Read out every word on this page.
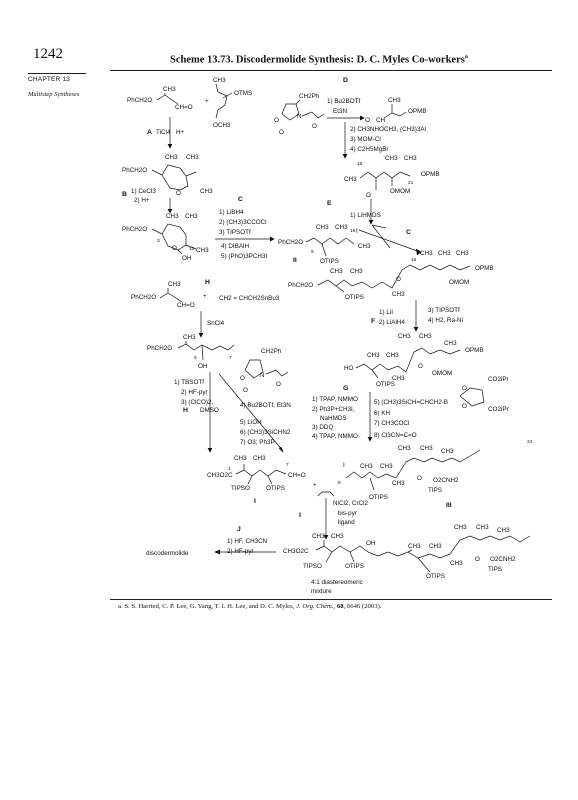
1242	Scheme 13.73. Discodermolide Synthesis: D. C. Myles Co-workers$^a$
CHAPTER 13
Multistep Syntheses
PhCH2O
CH3
CH=O
+
CH3
OTMS
OCH3
A TiCl4 H+
PhCH2O
CH3 CH3
CH3
O
B 1) CeCl3
2) H+
CH3 CH3
PhCH2O
3
12 CH3
OH
O
C
1) LiBH4
2) (CH3)3CCOCl
3) TIPSOTf
4) DIBAlH
5) (PhO)3PCH3I
D
CH2Ph
O
O
N
O
1) Bu2BOTf
Et3N
CH3
OPMB
O CH
2) CH3NHOCH3, (CH3)3Al
3) MOM-Cl
4) C2H5MgBr
CH3 CH3
16
CH3
OPMB
21
O
OMOM
E
1) LiHMDS
C
CH3 CH3
15 I
PhCH2O
CH3
9
OTIPS
II
CH3 CH3 CH3
16
OPMB
CH3 CH3
PhCH2O
O	OMOM
CH3
OTIPS
1) LiI
F 2) LiAlH4
3) TIPSOTf
4) H2, Ra-Ni
CH3 CH3
CH3
OPMB
CH3 CH3
HO	O
OMOM
CH3
OTIPS
G
1) TPAP, NMMO
2) Ph3P+CH3I,
NaHMDS
3) DDQ
4) TPAP, NMMO
5) (CH3)3SiCH=CHCH2-B
6) KH
7) CH3COCl
8) Cl3CN=C=O
CO2iPr
CO2iPr
O
O
24
CH3 CH3 CH3
I CH3 CH3
8
O O2CNH2
CH3
TIPS
OTIPS
III
H
CH3
PhCH2O
CH=O
+ CH2 = CHCH2SnBu3
SnCl4
CH3
PhCH2O
5	7
OH
CH2Ph
O
O
N
O
1) TBSOTf
2) HF-pyr
3) (ClCO)2,
H DMSO
4) Bu2BOTf, Et3N
5) LiOH
6) (CH3)3SiCHN2
7) O3; Ph3P
CH3 CH3
1
7
CH3O2C	CH=O
TIPSO	OTIPS
I
+
I
NiCl2, CrCl2
bis-pyr
ligand
J
1) HF, CH3CN
2) HF-pyr
discodermolide
CH3 CH3 CH3
CH3 CH3
OH	CH3 CH3
CH3O2C
O O2CNH2
CH3
TIPS
TIPSO	OTIPS
OTIPS
4:1 diastereomeric
mixture
a. S. S. Harried, C. P. Lee, G. Yang, T. I. H. Lee, and D. C. Myles, J. Org. Chem., 68, 6646 (2003).
